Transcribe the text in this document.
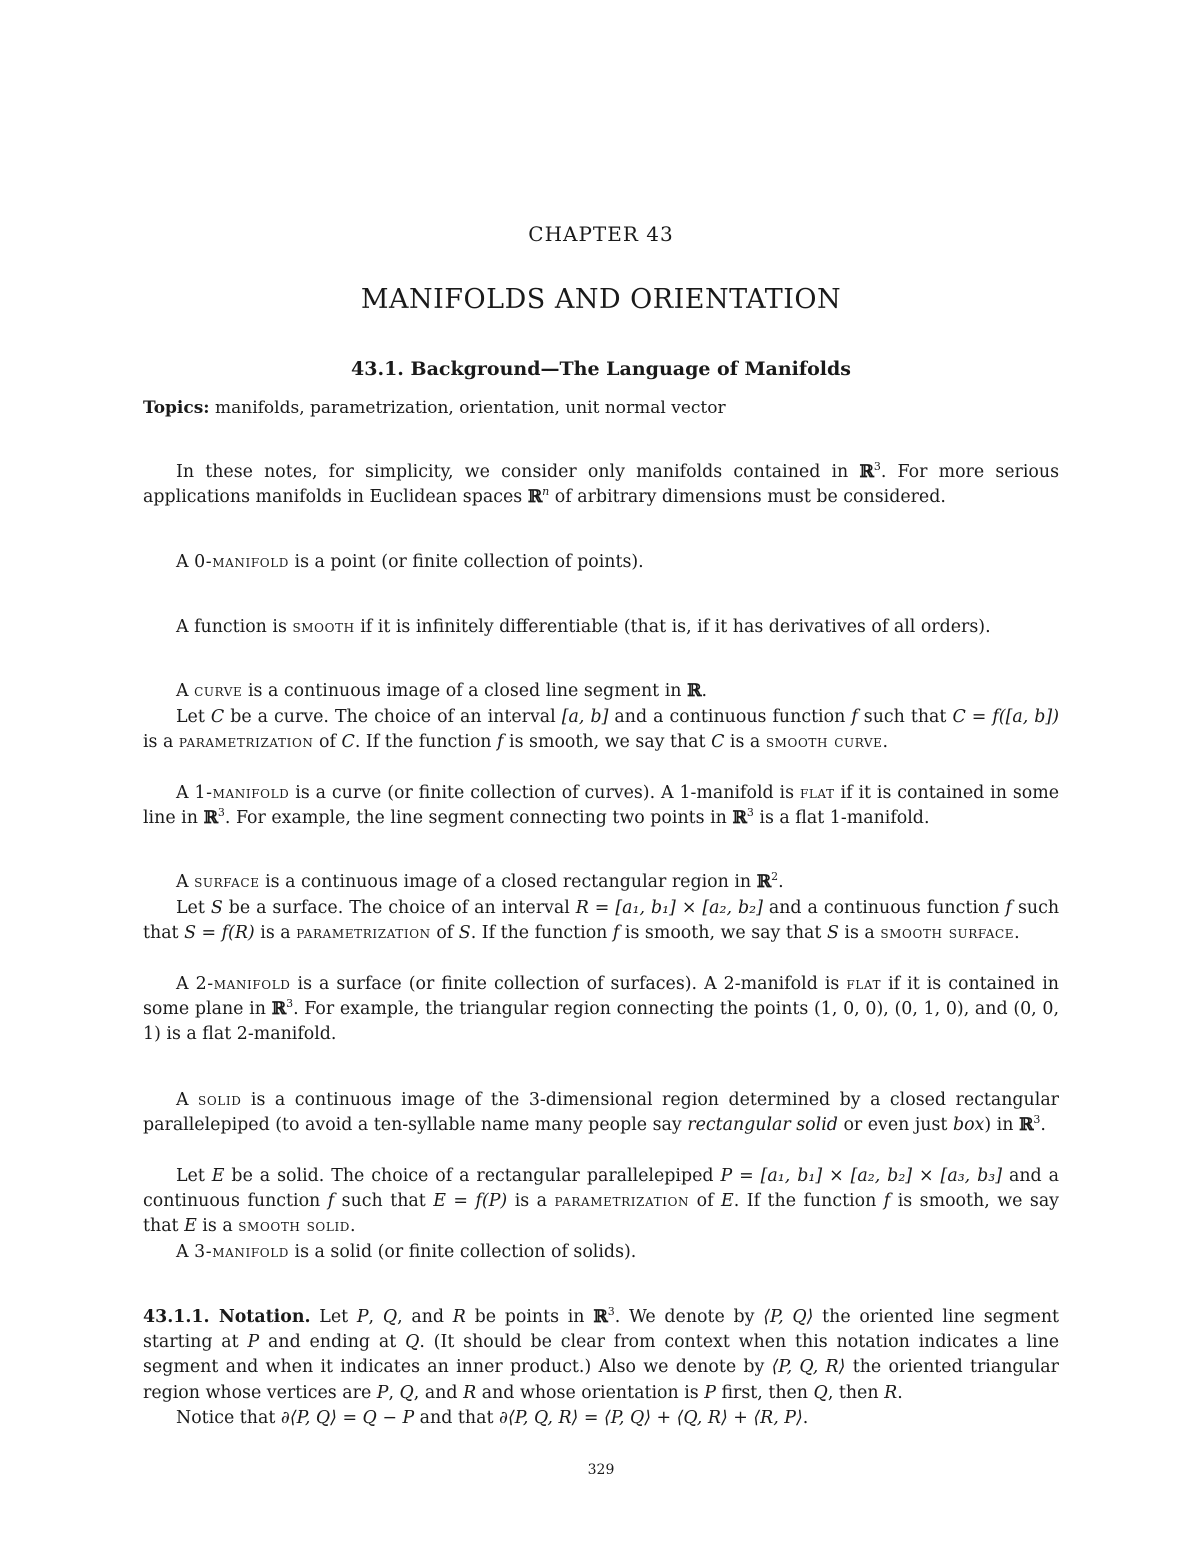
CHAPTER 43
MANIFOLDS AND ORIENTATION
43.1. Background—The Language of Manifolds
Topics: manifolds, parametrization, orientation, unit normal vector
In these notes, for simplicity, we consider only manifolds contained in ℝ$^3$. For more serious applications manifolds in Euclidean spaces ℝ$^n$ of arbitrary dimensions must be considered.
A 0-manifold is a point (or finite collection of points).
A function is smooth if it is infinitely differentiable (that is, if it has derivatives of all orders).
A curve is a continuous image of a closed line segment in ℝ.
Let C be a curve. The choice of an interval [a, b] and a continuous function f such that C = f([a, b]) is a parametrization of C. If the function f is smooth, we say that C is a smooth curve.
A 1-manifold is a curve (or finite collection of curves). A 1-manifold is flat if it is contained in some line in ℝ$^3$. For example, the line segment connecting two points in ℝ$^3$ is a flat 1-manifold.
A surface is a continuous image of a closed rectangular region in ℝ$^2$.
Let S be a surface. The choice of an interval R = [a₁, b₁] × [a₂, b₂] and a continuous function f such that S = f(R) is a parametrization of S. If the function f is smooth, we say that S is a smooth surface.
A 2-manifold is a surface (or finite collection of surfaces). A 2-manifold is flat if it is contained in some plane in ℝ$^3$. For example, the triangular region connecting the points (1, 0, 0), (0, 1, 0), and (0, 0, 1) is a flat 2-manifold.
A solid is a continuous image of the 3-dimensional region determined by a closed rectangular parallelepiped (to avoid a ten-syllable name many people say rectangular solid or even just box) in ℝ$^3$.
Let E be a solid. The choice of a rectangular parallelepiped P = [a₁, b₁] × [a₂, b₂] × [a₃, b₃] and a continuous function f such that E = f(P) is a parametrization of E. If the function f is smooth, we say that E is a smooth solid.
A 3-manifold is a solid (or finite collection of solids).
43.1.1. Notation. Let P, Q, and R be points in ℝ$^3$. We denote by ⟨P, Q⟩ the oriented line segment starting at P and ending at Q. (It should be clear from context when this notation indicates a line segment and when it indicates an inner product.) Also we denote by ⟨P, Q, R⟩ the oriented triangular region whose vertices are P, Q, and R and whose orientation is P first, then Q, then R.
Notice that ∂⟨P, Q⟩ = Q − P and that ∂⟨P, Q, R⟩ = ⟨P, Q⟩ + ⟨Q, R⟩ + ⟨R, P⟩.
329
